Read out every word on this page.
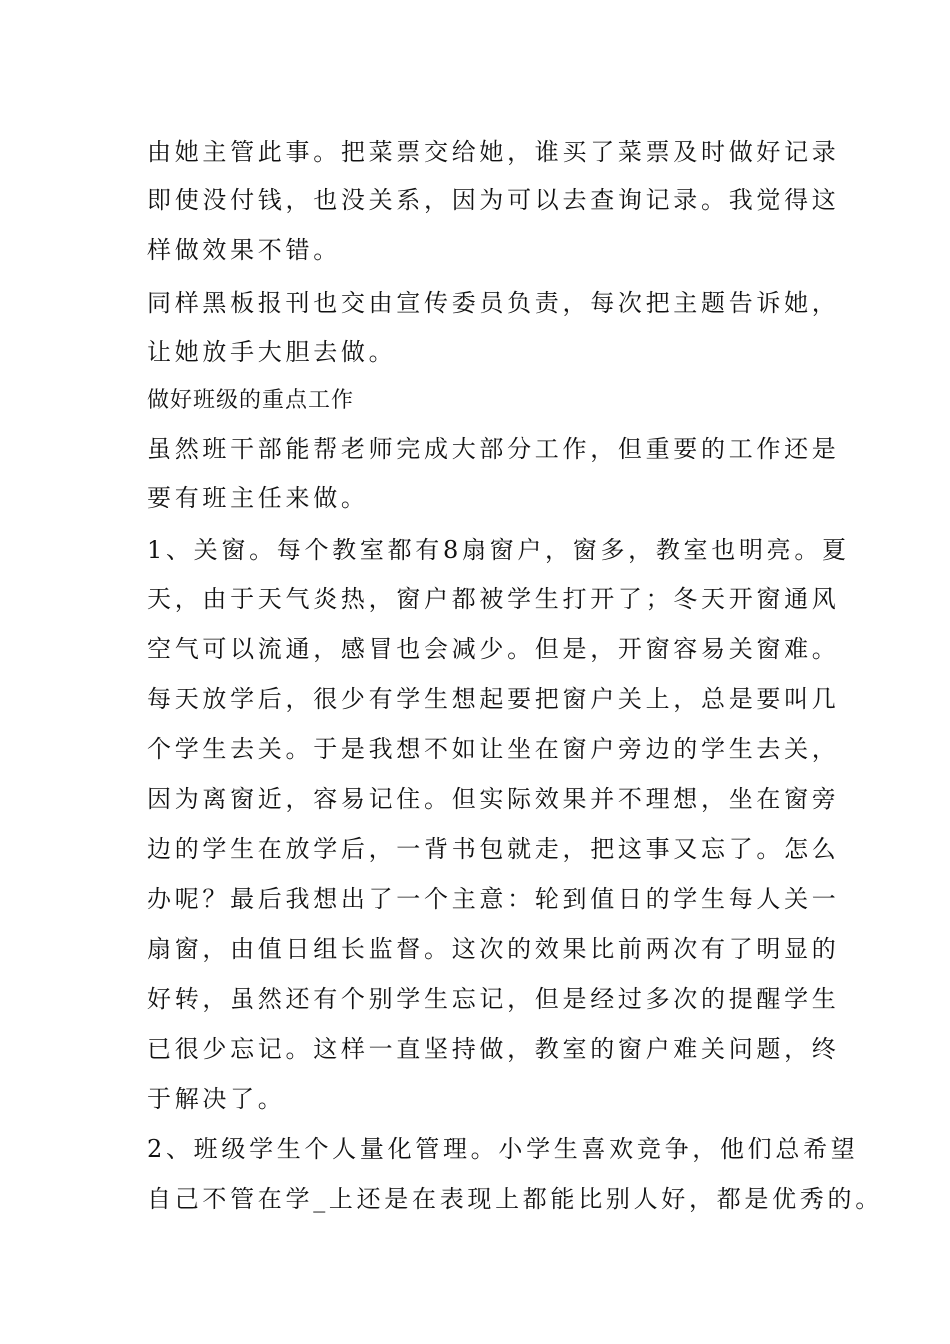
由她主管此事。把菜票交给她，谁买了菜票及时做好记录
即使没付钱，也没关系，因为可以去查询记录。我觉得这
样做效果不错。
同样黑板报刊也交由宣传委员负责，每次把主题告诉她，
让她放手大胆去做。
做好班级的重点工作
虽然班干部能帮老师完成大部分工作，但重要的工作还是
要有班主任来做。
1、关窗。每个教室都有8扇窗户，窗多，教室也明亮。夏
天，由于天气炎热，窗户都被学生打开了；冬天开窗通风
空气可以流通，感冒也会减少。但是，开窗容易关窗难。
每天放学后，很少有学生想起要把窗户关上，总是要叫几
个学生去关。于是我想不如让坐在窗户旁边的学生去关，
因为离窗近，容易记住。但实际效果并不理想，坐在窗旁
边的学生在放学后，一背书包就走，把这事又忘了。怎么
办呢？最后我想出了一个主意：轮到值日的学生每人关一
扇窗，由值日组长监督。这次的效果比前两次有了明显的
好转，虽然还有个别学生忘记，但是经过多次的提醒学生
已很少忘记。这样一直坚持做，教室的窗户难关问题，终
于解决了。
2、班级学生个人量化管理。小学生喜欢竞争，他们总希望
自己不管在学_上还是在表现上都能比别人好，都是优秀的。
